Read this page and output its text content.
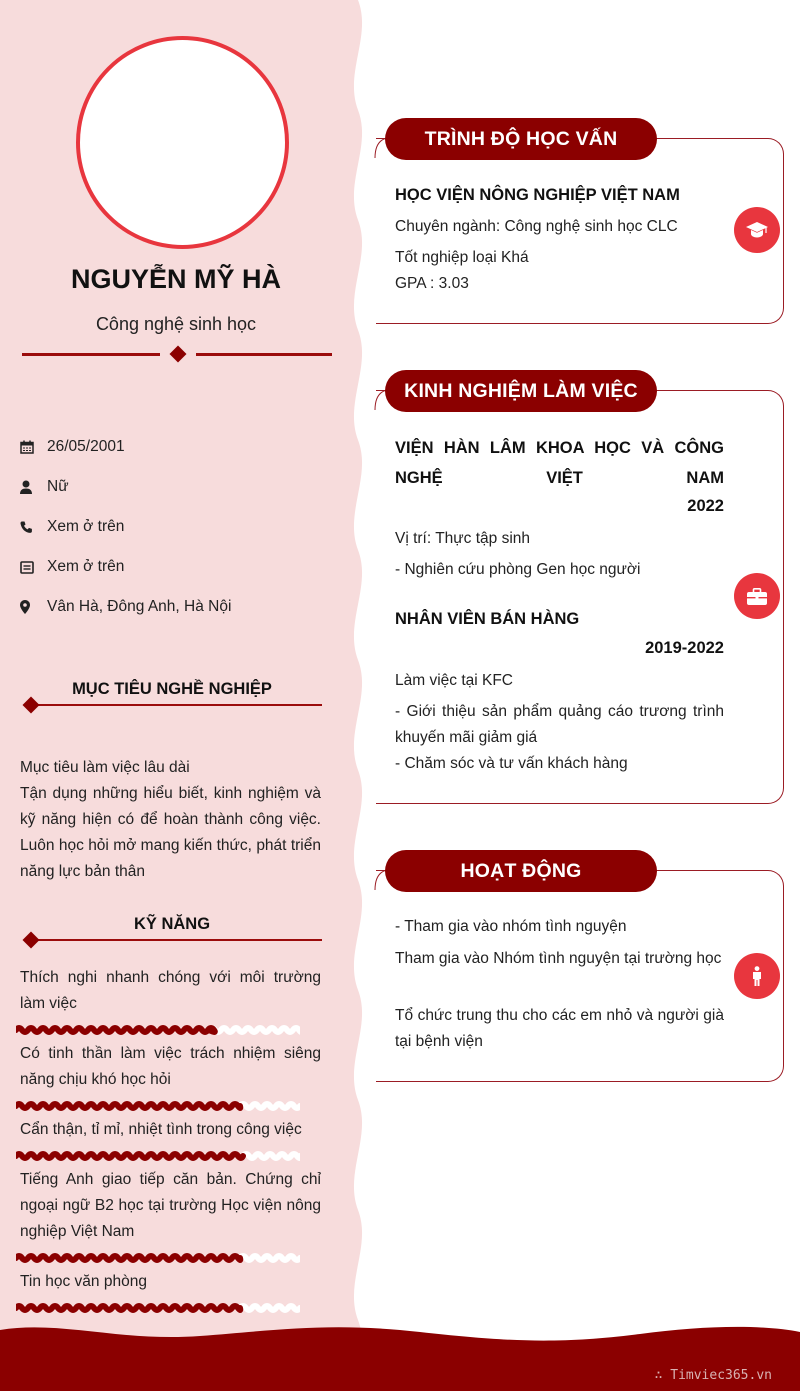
NGUYỄN MỸ HÀ
Công nghệ sinh học
26/05/2001
Nữ
Xem ở trên
Xem ở trên
Vân Hà, Đông Anh, Hà Nội
MỤC TIÊU NGHỀ NGHIỆP
Mục tiêu làm việc lâu dài
Tận dụng những hiểu biết, kinh nghiệm và kỹ năng hiện có để hoàn thành công việc. Luôn học hỏi mở mang kiến thức, phát triển năng lực bản thân
KỸ NĂNG
Thích nghi nhanh chóng với môi trường làm việc
Có tinh thần làm việc trách nhiệm siêng năng chịu khó học hỏi
Cẩn thận, tỉ mỉ, nhiệt tình trong công việc
Tiếng Anh giao tiếp căn bản. Chứng chỉ ngoại ngữ B2 học tại trường Học viện nông nghiệp Việt Nam
Tin học văn phòng
TRÌNH ĐỘ HỌC VẤN
HỌC VIỆN NÔNG NGHIỆP VIỆT NAM
Chuyên ngành: Công nghệ sinh học CLC
Tốt nghiệp loại Khá
GPA : 3.03
KINH NGHIỆM LÀM VIỆC
VIỆN HÀN LÂM KHOA HỌC VÀ CÔNG NGHỆ VIỆT NAM
2022
Vị trí: Thực tập sinh
- Nghiên cứu phòng Gen học người
NHÂN VIÊN BÁN HÀNG
2019-2022
Làm việc tại KFC
- Giới thiệu sản phẩm quảng cáo trương trình khuyến mãi giảm giá
- Chăm sóc và tư vấn khách hàng
HOẠT ĐỘNG
- Tham gia vào nhóm tình nguyện
Tham gia vào Nhóm tình nguyện tại trường học
Tổ chức trung thu cho các em nhỏ và người già tại bệnh viện
∴ Timviec365.vn
